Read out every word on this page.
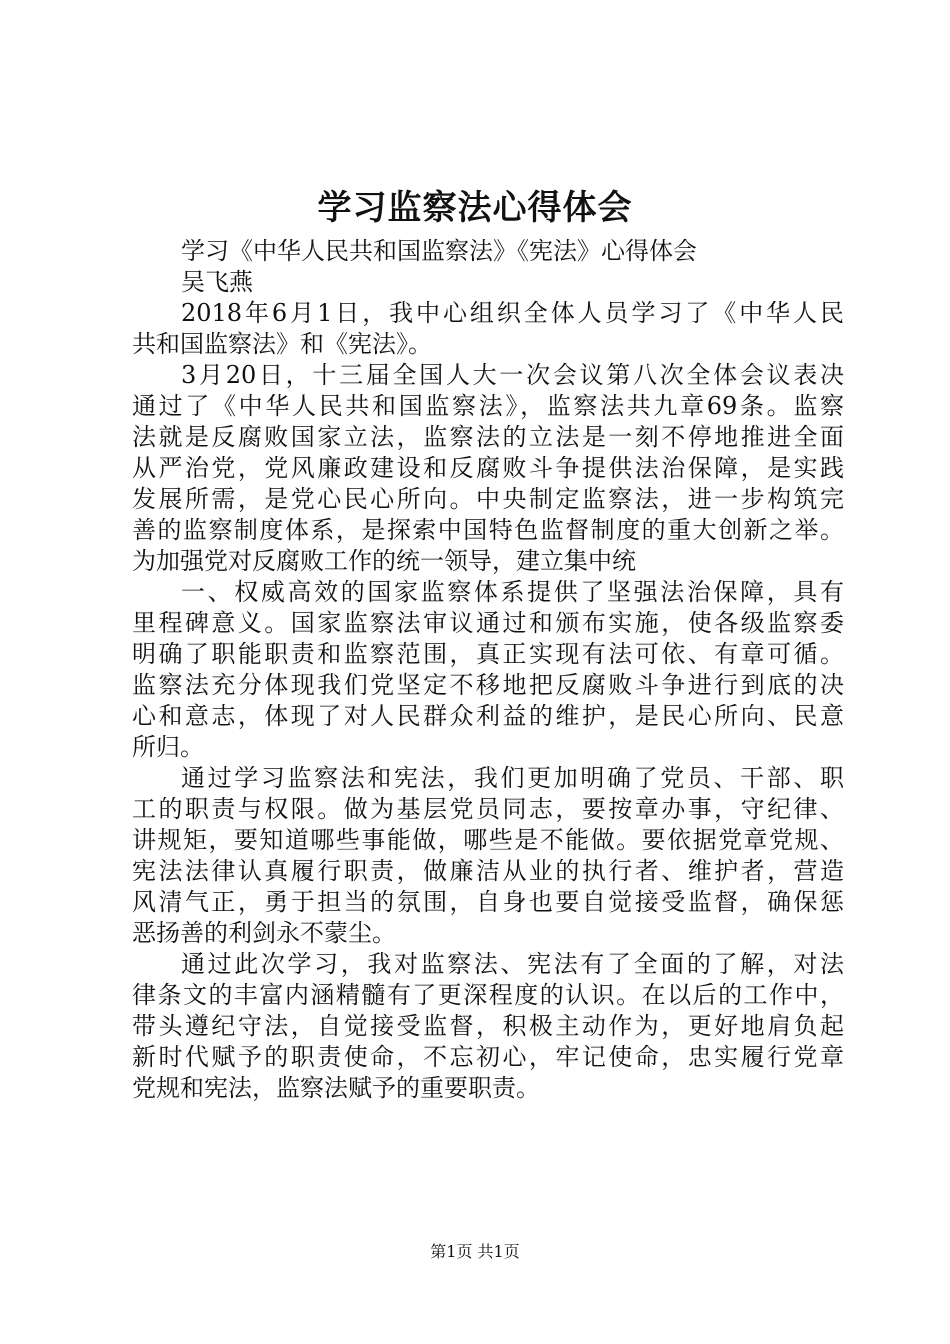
学习监察法心得体会
学习《中华人民共和国监察法》《宪法》心得体会
吴飞燕
2018年6月1日，我中心组织全体人员学习了《中华人民
共和国监察法》和《宪法》。
3月20日，十三届全国人大一次会议第八次全体会议表决
通过了《中华人民共和国监察法》，监察法共九章69条。监察
法就是反腐败国家立法，监察法的立法是一刻不停地推进全面
从严治党，党风廉政建设和反腐败斗争提供法治保障，是实践
发展所需，是党心民心所向。中央制定监察法，进一步构筑完
善的监察制度体系，是探索中国特色监督制度的重大创新之举。
为加强党对反腐败工作的统一领导，建立集中统
一、权威高效的国家监察体系提供了坚强法治保障，具有
里程碑意义。国家监察法审议通过和颁布实施，使各级监察委
明确了职能职责和监察范围，真正实现有法可依、有章可循。
监察法充分体现我们党坚定不移地把反腐败斗争进行到底的决
心和意志，体现了对人民群众利益的维护，是民心所向、民意
所归。
通过学习监察法和宪法，我们更加明确了党员、干部、职
工的职责与权限。做为基层党员同志，要按章办事，守纪律、
讲规矩，要知道哪些事能做，哪些是不能做。要依据党章党规、
宪法法律认真履行职责，做廉洁从业的执行者、维护者，营造
风清气正，勇于担当的氛围，自身也要自觉接受监督，确保惩
恶扬善的利剑永不蒙尘。
通过此次学习，我对监察法、宪法有了全面的了解，对法
律条文的丰富内涵精髓有了更深程度的认识。在以后的工作中，
带头遵纪守法，自觉接受监督，积极主动作为，更好地肩负起
新时代赋予的职责使命，不忘初心，牢记使命，忠实履行党章
党规和宪法，监察法赋予的重要职责。
第1页 共1页
